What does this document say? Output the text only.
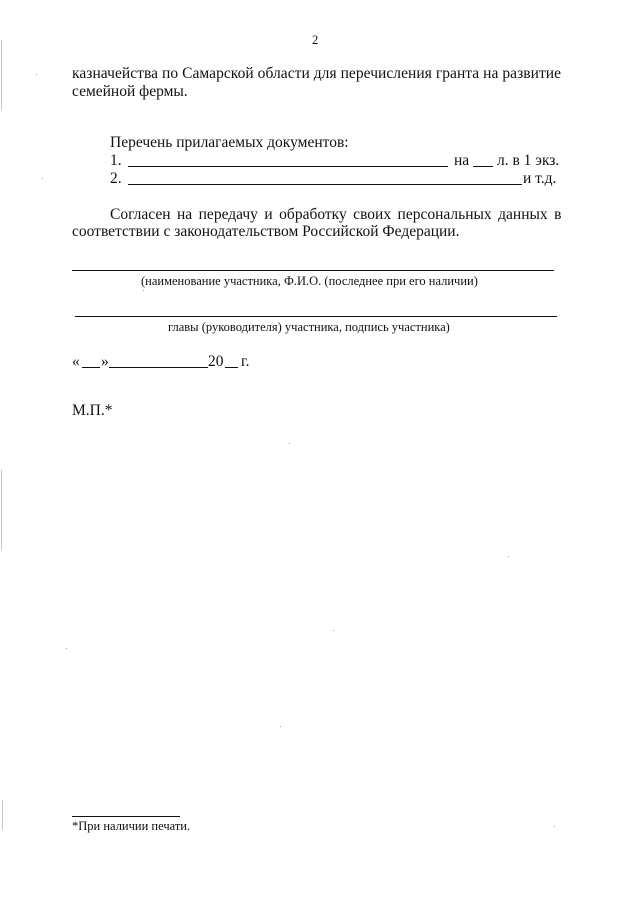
2
казначейства по Самарской области для перечисления гранта на развитие
семейной фермы.
Перечень прилагаемых документов:
1.	на л. в 1 экз.
2.	и т.д.
Согласен на передачу и обработку своих персональных данных в
соответствии с законодательством Российской Федерации.
(наименование участника, Ф.И.О. (последнее при его наличии)
главы (руководителя) участника, подпись участника)
« »	20 г.
М.П.*
*При наличии печати.
